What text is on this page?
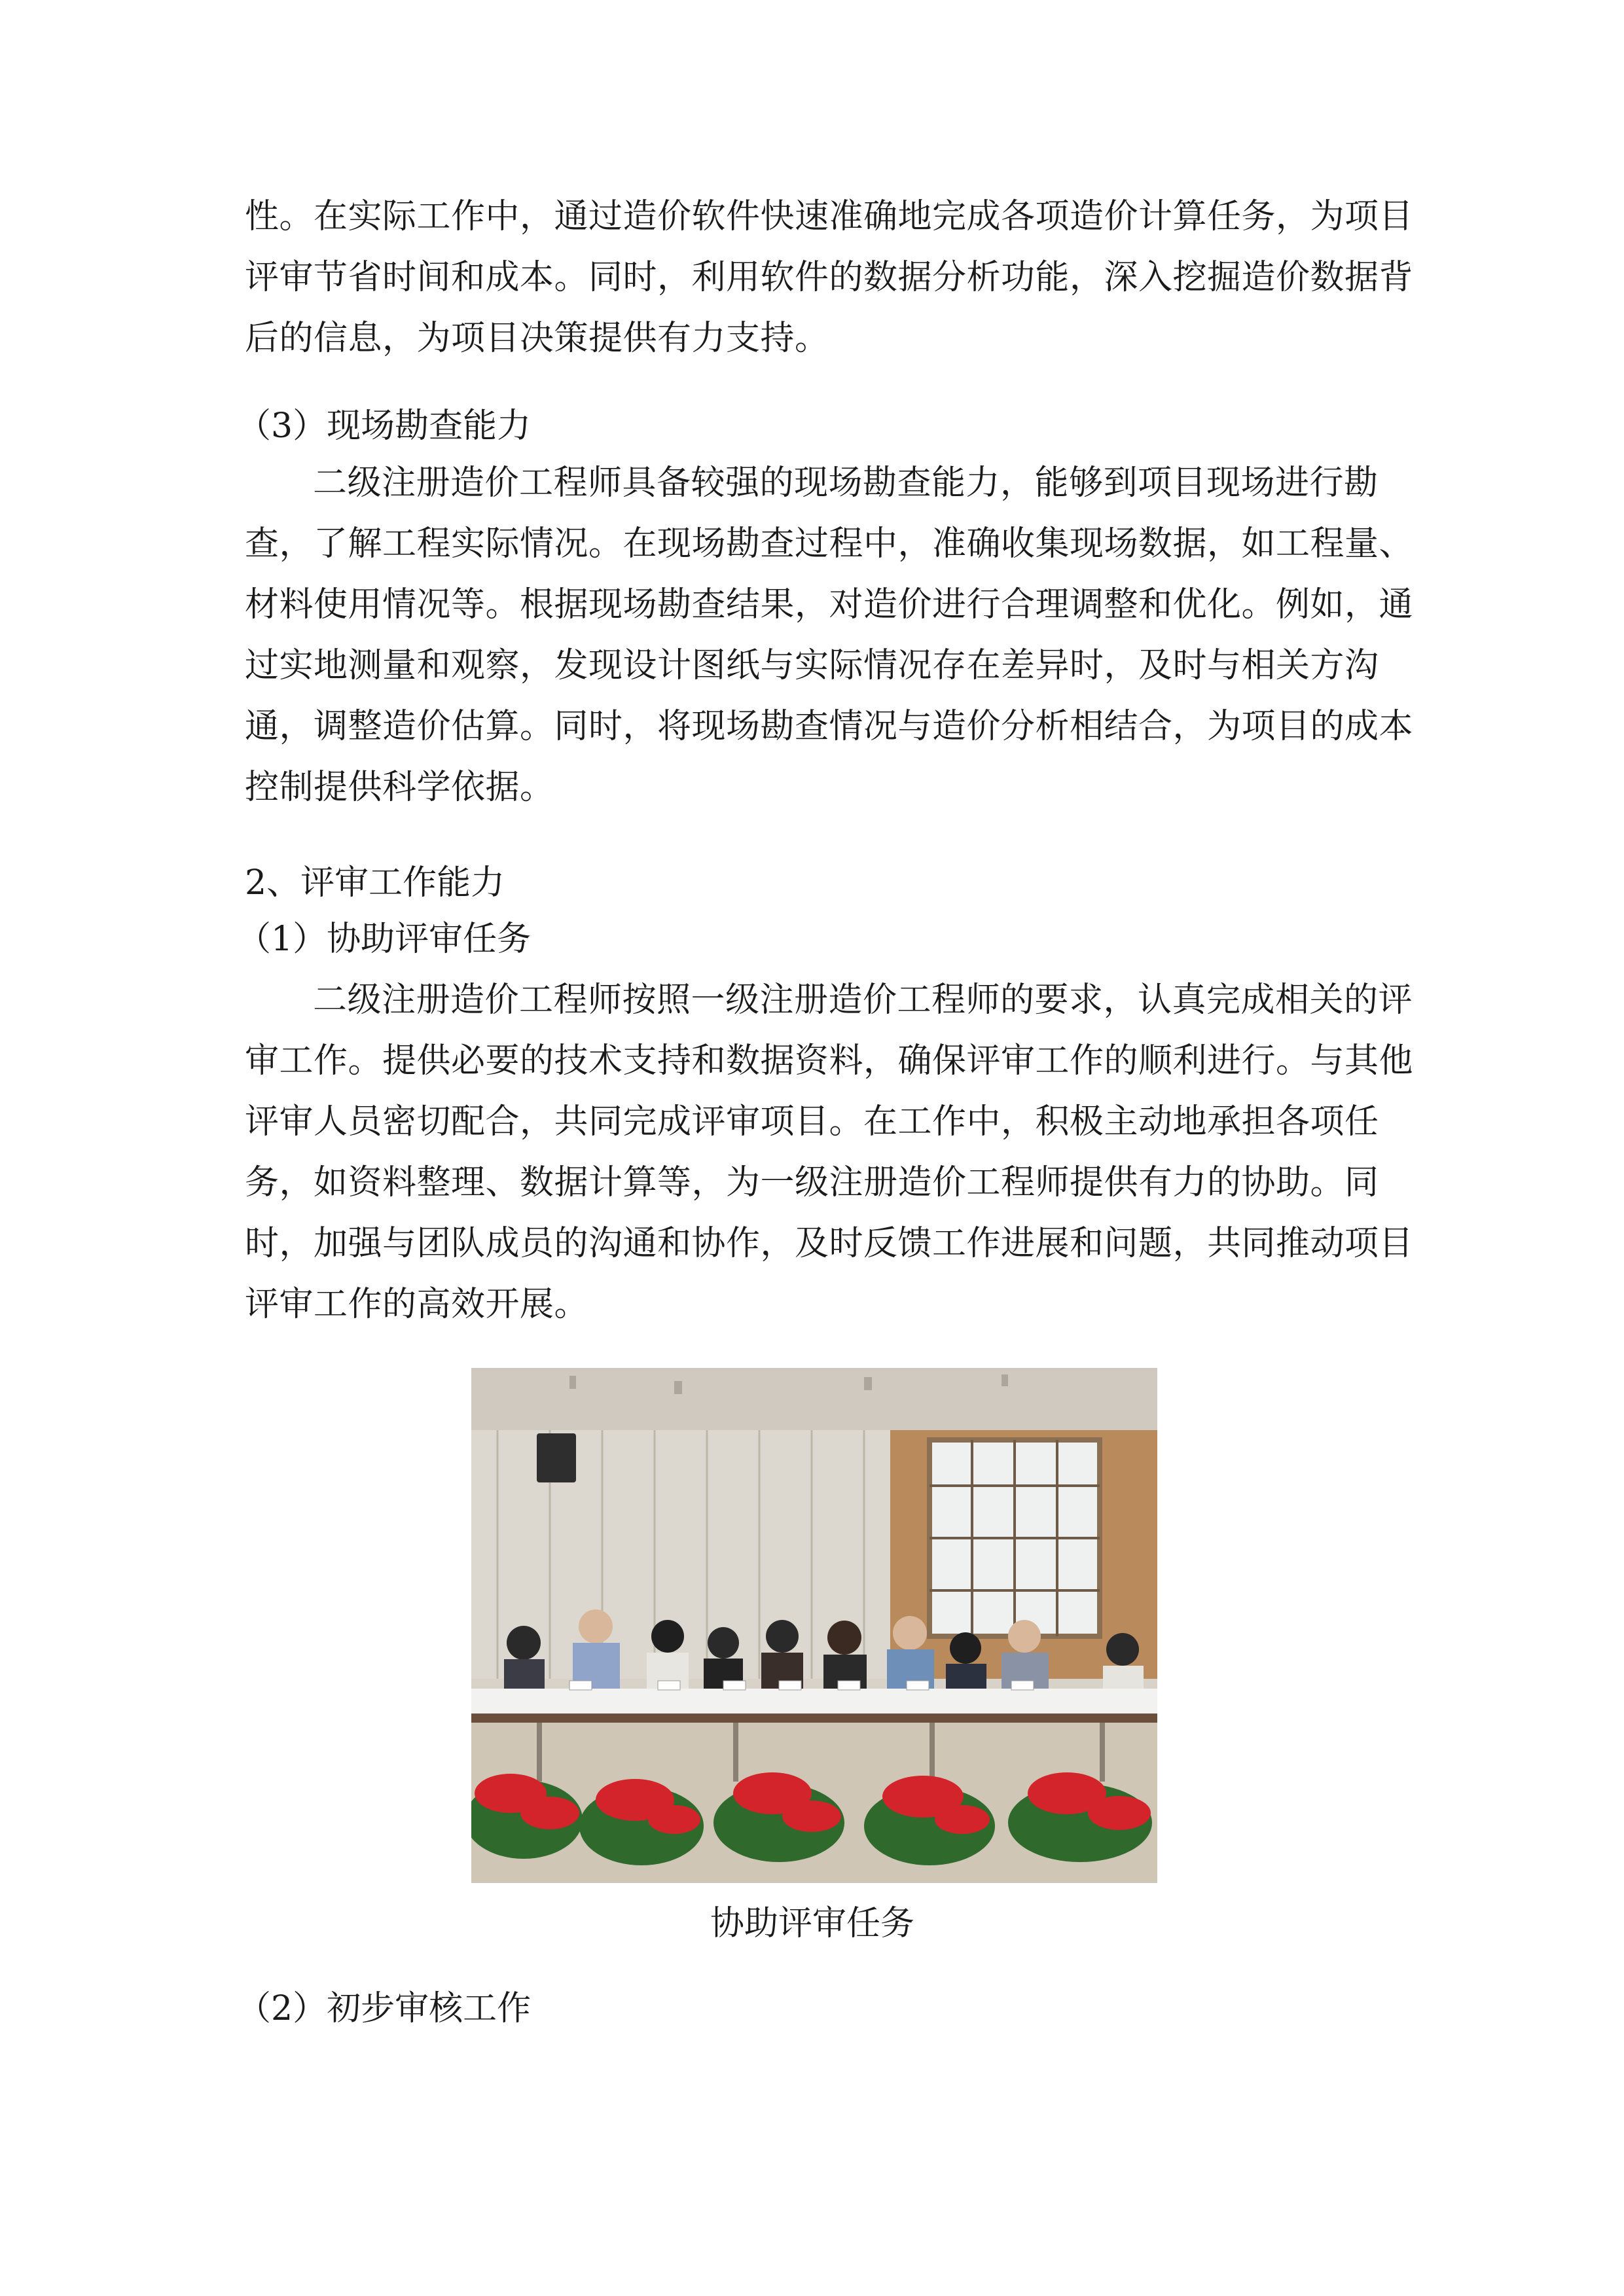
性。在实际工作中，通过造价软件快速准确地完成各项造价计算任务，为项目
评审节省时间和成本。同时，利用软件的数据分析功能，深入挖掘造价数据背
后的信息，为项目决策提供有力支持。
（3）现场勘查能力
二级注册造价工程师具备较强的现场勘查能力，能够到项目现场进行勘
查，了解工程实际情况。在现场勘查过程中，准确收集现场数据，如工程量、
材料使用情况等。根据现场勘查结果，对造价进行合理调整和优化。例如，通
过实地测量和观察，发现设计图纸与实际情况存在差异时，及时与相关方沟
通，调整造价估算。同时，将现场勘查情况与造价分析相结合，为项目的成本
控制提供科学依据。
2、评审工作能力
（1）协助评审任务
二级注册造价工程师按照一级注册造价工程师的要求，认真完成相关的评
审工作。提供必要的技术支持和数据资料，确保评审工作的顺利进行。与其他
评审人员密切配合，共同完成评审项目。在工作中，积极主动地承担各项任
务，如资料整理、数据计算等，为一级注册造价工程师提供有力的协助。同
时，加强与团队成员的沟通和协作，及时反馈工作进展和问题，共同推动项目
评审工作的高效开展。
协助评审任务
（2）初步审核工作
